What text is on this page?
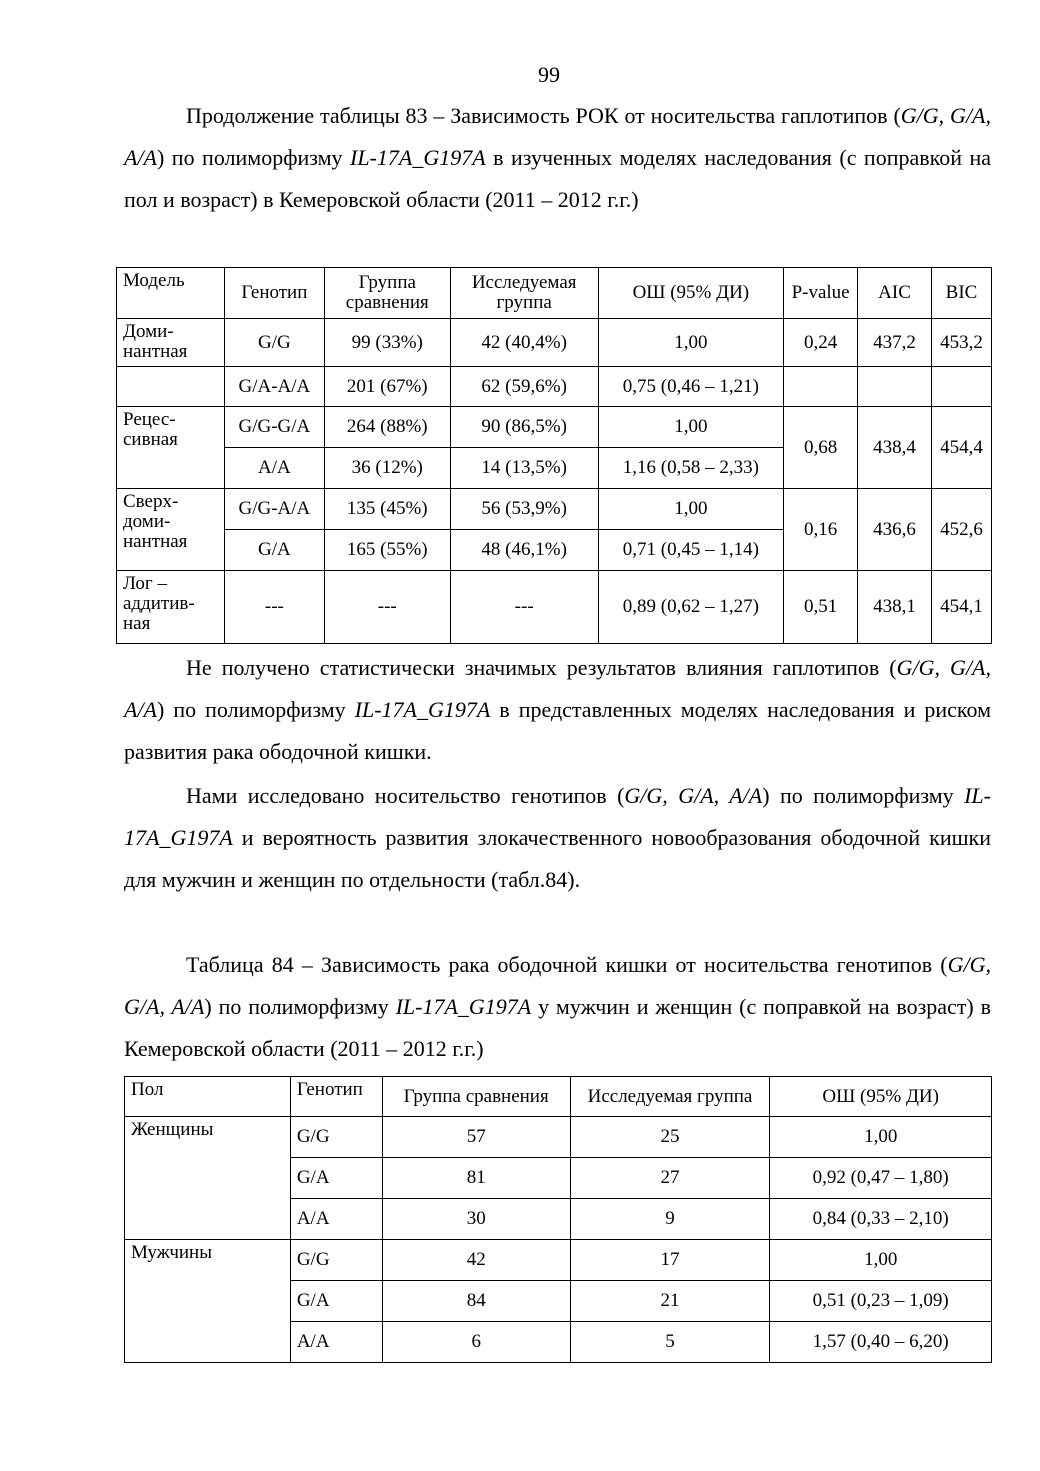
99

Продолжение таблицы 83 – Зависимость РОК от носительства гаплотипов (G/G, G/A, A/A) по полиморфизму IL-17A_G197A в изученных моделях наследования (с поправкой на пол и возраст) в Кемеровской области (2011 – 2012 г.г.)

Модель	Генотип	Группа сравнения	Исследуемая группа	ОШ (95% ДИ)	P-value	AIC	BIC
Доми-нантная	G/G	99 (33%)	42 (40,4%)	1,00	0,24	437,2	453,2
	G/A-A/A	201 (67%)	62 (59,6%)	0,75 (0,46 – 1,21)			
Рецес-сивная	G/G-G/A	264 (88%)	90 (86,5%)	1,00	0,68	438,4	454,4
	A/A	36 (12%)	14 (13,5%)	1,16 (0,58 – 2,33)			
Сверх-доми-нантная	G/G-A/A	135 (45%)	56 (53,9%)	1,00	0,16	436,6	452,6
	G/A	165 (55%)	48 (46,1%)	0,71 (0,45 – 1,14)			
Лог – аддитив-ная	---	---	---	0,89 (0,62 – 1,27)	0,51	438,1	454,1

Не получено статистически значимых результатов влияния гаплотипов (G/G, G/A, A/A) по полиморфизму IL-17A_G197A в представленных моделях наследования и риском развития рака ободочной кишки.

Нами исследовано носительство генотипов (G/G, G/A, A/A) по полиморфизму IL-17A_G197A и вероятность развития злокачественного новообразования ободочной кишки для мужчин и женщин по отдельности (табл.84).

Таблица 84 – Зависимость рака ободочной кишки от носительства генотипов (G/G, G/A, A/A) по полиморфизму IL-17A_G197A у мужчин и женщин (с поправкой на возраст) в Кемеровской области (2011 – 2012 г.г.)

Пол	Генотип	Группа сравнения	Исследуемая группа	ОШ (95% ДИ)
Женщины	G/G	57	25	1,00
	G/A	81	27	0,92 (0,47 – 1,80)
	A/A	30	9	0,84 (0,33 – 2,10)
Мужчины	G/G	42	17	1,00
	G/A	84	21	0,51 (0,23 – 1,09)
	A/A	6	5	1,57 (0,40 – 6,20)
